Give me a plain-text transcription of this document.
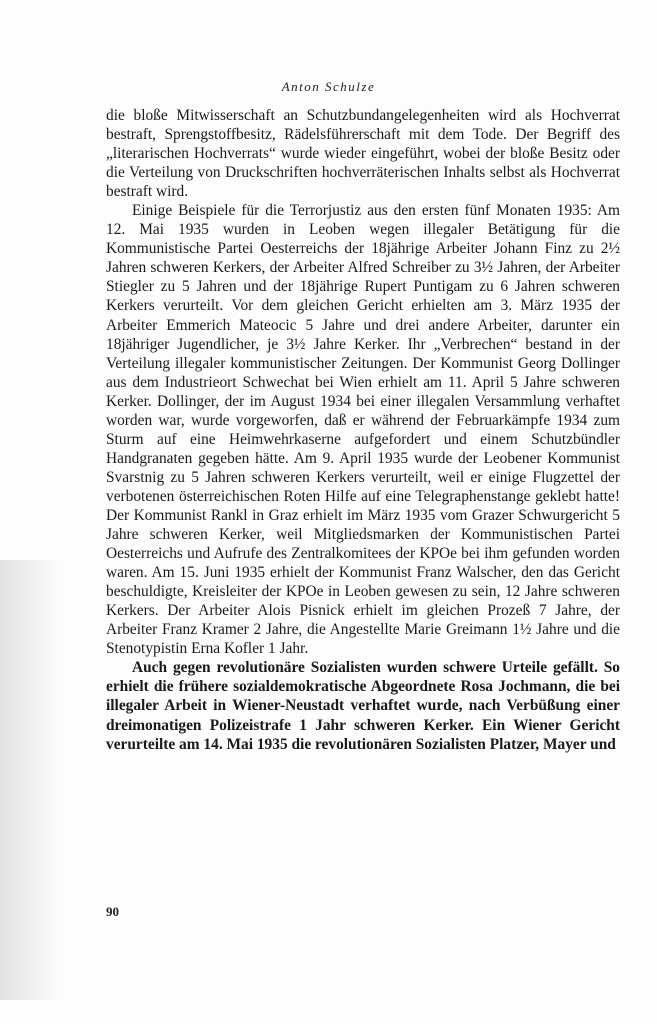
Anton Schulze

die bloße Mitwisserschaft an Schutzbundangelegenheiten wird als Hochverrat bestraft, Sprengstoffbesitz, Rädelsführerschaft mit dem Tode. Der Begriff des „literarischen Hochverrats“ wurde wieder eingeführt, wobei der bloße Besitz oder die Verteilung von Druckschriften hochverräterischen Inhalts selbst als Hochverrat bestraft wird.

Einige Beispiele für die Terrorjustiz aus den ersten fünf Monaten 1935: Am 12. Mai 1935 wurden in Leoben wegen illegaler Betätigung für die Kommunistische Partei Oesterreichs der 18jährige Arbeiter Johann Finz zu 2½ Jahren schweren Kerkers, der Arbeiter Alfred Schreiber zu 3½ Jahren, der Arbeiter Stiegler zu 5 Jahren und der 18jährige Rupert Puntigam zu 6 Jahren schweren Kerkers verurteilt. Vor dem gleichen Gericht erhielten am 3. März 1935 der Arbeiter Emmerich Mateocic 5 Jahre und drei andere Arbeiter, darunter ein 18jähriger Jugendlicher, je 3½ Jahre Kerker. Ihr „Verbrechen“ bestand in der Verteilung illegaler kommunistischer Zeitungen. Der Kommunist Georg Dollinger aus dem Industrieort Schwechat bei Wien erhielt am 11. April 5 Jahre schweren Kerker. Dollinger, der im August 1934 bei einer illegalen Versammlung verhaftet worden war, wurde vorgeworfen, daß er während der Februarkämpfe 1934 zum Sturm auf eine Heimwehrkaserne aufgefordert und einem Schutzbündler Handgranaten gegeben hätte. Am 9. April 1935 wurde der Leobener Kommunist Svarstnig zu 5 Jahren schweren Kerkers verurteilt, weil er einige Flugzettel der verbotenen österreichischen Roten Hilfe auf eine Telegraphenstange geklebt hatte! Der Kommunist Rankl in Graz erhielt im März 1935 vom Grazer Schwurgericht 5 Jahre schweren Kerker, weil Mitgliedsmarken der Kommunistischen Partei Oesterreichs und Aufrufe des Zentralkomitees der KPOe bei ihm gefunden worden waren. Am 15. Juni 1935 erhielt der Kommunist Franz Walscher, den das Gericht beschuldigte, Kreisleiter der KPOe in Leoben gewesen zu sein, 12 Jahre schweren Kerkers. Der Arbeiter Alois Pisnick erhielt im gleichen Prozeß 7 Jahre, der Arbeiter Franz Kramer 2 Jahre, die Angestellte Marie Greimann 1½ Jahre und die Stenotypistin Erna Kofler 1 Jahr.

Auch gegen revolutionäre Sozialisten wurden schwere Urteile gefällt. So erhielt die frühere sozialdemokratische Abgeordnete Rosa Jochmann, die bei illegaler Arbeit in Wiener-Neustadt verhaftet wurde, nach Verbüßung einer dreimonatigen Polizeistrafe 1 Jahr schweren Kerker. Ein Wiener Gericht verurteilte am 14. Mai 1935 die revolutionären Sozialisten Platzer, Mayer und

90
